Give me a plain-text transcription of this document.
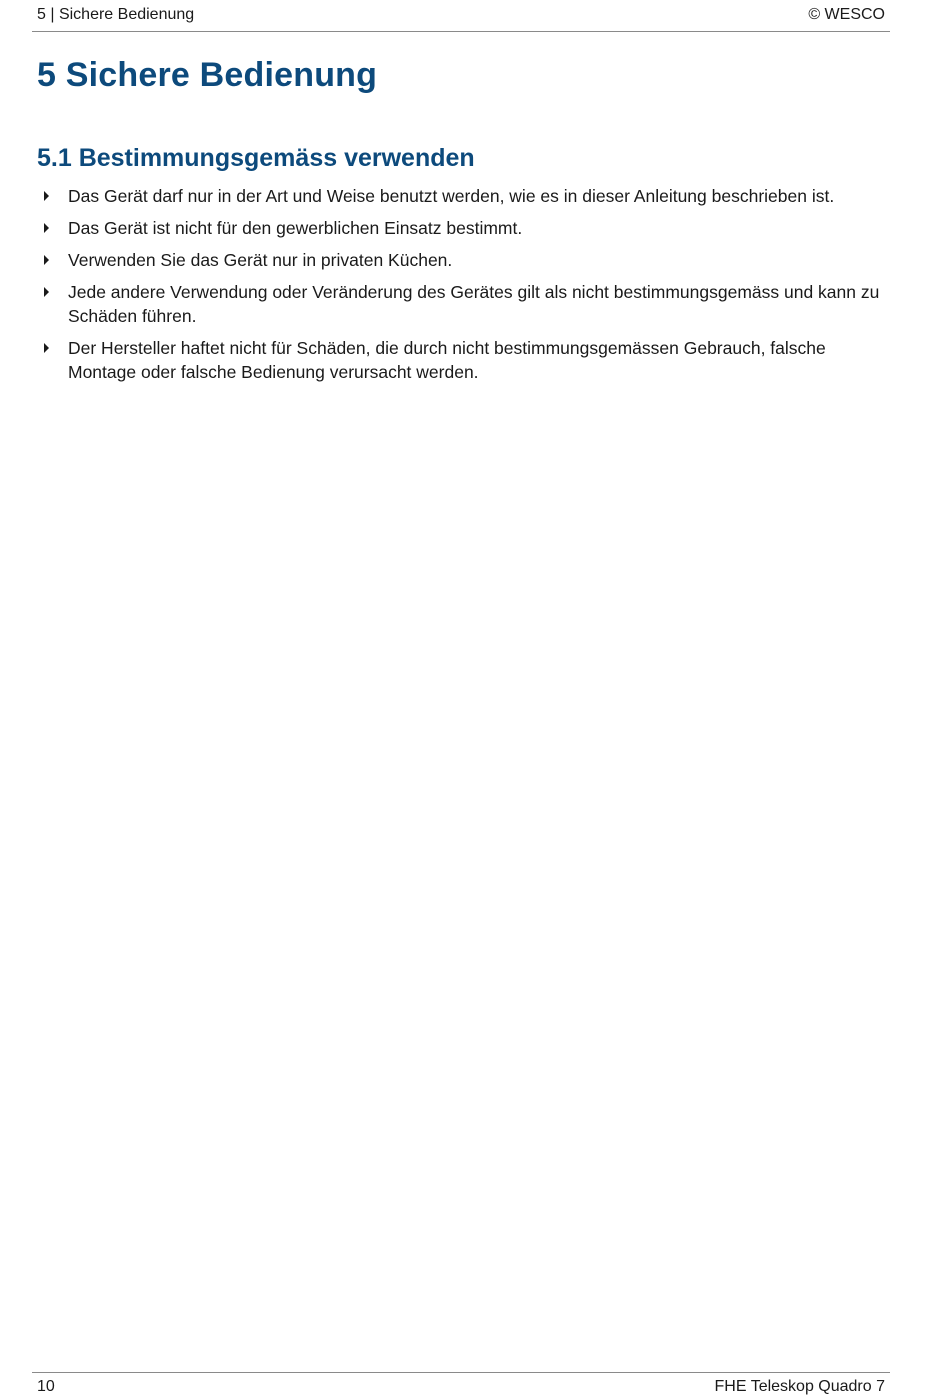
5 | Sichere Bedienung	© WESCO
5 Sichere Bedienung
5.1 Bestimmungsgemäss verwenden
Das Gerät darf nur in der Art und Weise benutzt werden, wie es in dieser Anleitung beschrieben ist.
Das Gerät ist nicht für den gewerblichen Einsatz bestimmt.
Verwenden Sie das Gerät nur in privaten Küchen.
Jede andere Verwendung oder Veränderung des Gerätes gilt als nicht bestimmungsgemäss und kann zu Schäden führen.
Der Hersteller haftet nicht für Schäden, die durch nicht bestimmungsgemässen Gebrauch, falsche Montage oder falsche Bedienung verursacht werden.
10	FHE Teleskop Quadro 7
